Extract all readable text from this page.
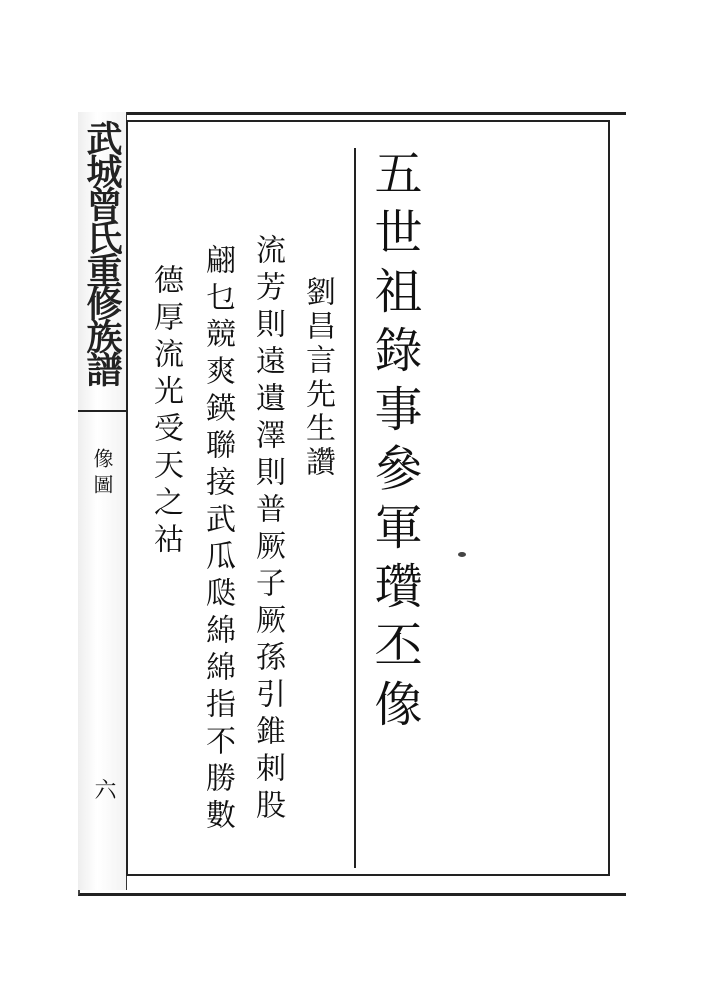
武城曾氏重修族譜
像圖
六
五世祖錄事參軍瓚丕像
劉昌言先生讚
流芳則遠遺澤則普厥子厥孫引錐刺股
翩乜競爽鍈聯接武瓜瓞綿綿指不勝數
德厚流光受天之祜
